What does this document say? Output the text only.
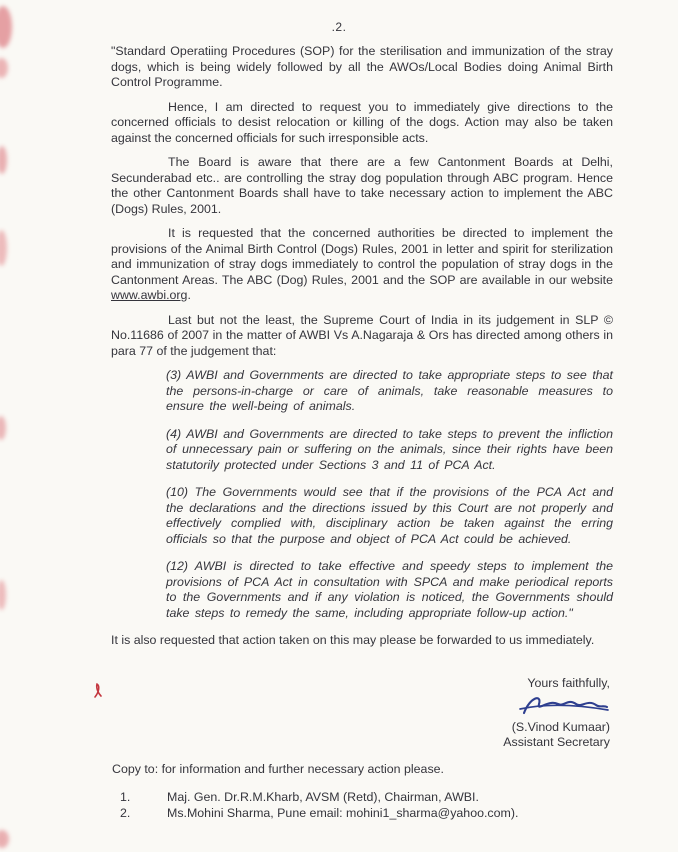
.2.

"Standard Operatiing Procedures (SOP) for the sterilisation and immunization of the stray dogs, which is being widely followed by all the AWOs/Local Bodies doing Animal Birth Control Programme.

Hence, I am directed to request you to immediately give directions to the concerned officials to desist relocation or killing of the dogs. Action may also be taken against the concerned officials for such irresponsible acts.

The Board is aware that there are a few Cantonment Boards at Delhi, Secunderabad etc.. are controlling the stray dog population through ABC program. Hence the other Cantonment Boards shall have to take necessary action to implement the ABC (Dogs) Rules, 2001.

It is requested that the concerned authorities be directed to implement the provisions of the Animal Birth Control (Dogs) Rules, 2001 in letter and spirit for sterilization and immunization of stray dogs immediately to control the population of stray dogs in the Cantonment Areas. The ABC (Dog) Rules, 2001 and the SOP are available in our website www.awbi.org.

Last but not the least, the Supreme Court of India in its judgement in SLP © No.11686 of 2007 in the matter of AWBI Vs A.Nagaraja & Ors has directed among others in para 77 of the judgement that:

(3) AWBI and Governments are directed to take appropriate steps to see that the persons-in-charge or care of animals, take reasonable measures to ensure the well-being of animals.

(4) AWBI and Governments are directed to take steps to prevent the infliction of unnecessary pain or suffering on the animals, since their rights have been statutorily protected under Sections 3 and 11 of PCA Act.

(10) The Governments would see that if the provisions of the PCA Act and the declarations and the directions issued by this Court are not properly and effectively complied with, disciplinary action be taken against the erring officials so that the purpose and object of PCA Act could be achieved.

(12) AWBI is directed to take effective and speedy steps to implement the provisions of PCA Act in consultation with SPCA and make periodical reports to the Governments and if any violation is noticed, the Governments should take steps to remedy the same, including appropriate follow-up action."

It is also requested that action taken on this may please be forwarded to us immediately.

Yours faithfully,
(S.Vinod Kumaar)
Assistant Secretary
Copy to: for information and further necessary action please.
1.	Maj. Gen. Dr.R.M.Kharb, AVSM (Retd), Chairman, AWBI.
2.	Ms.Mohini Sharma, Pune email: mohini1_sharma@yahoo.com).
